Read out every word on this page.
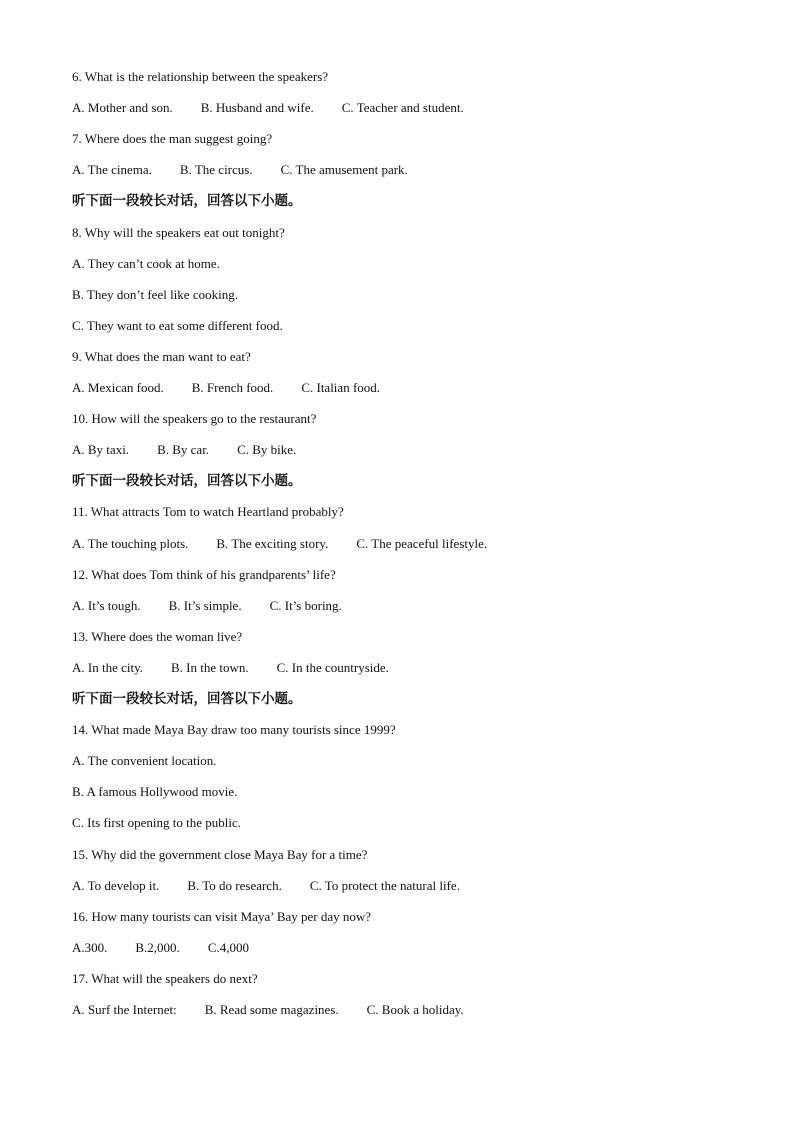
6. What is the relationship between the speakers?
A. Mother and son. B. Husband and wife. C. Teacher and student.
7. Where does the man suggest going?
A. The cinema. B. The circus. C. The amusement park.
听下面一段较长对话，回答以下小题。
8. Why will the speakers eat out tonight?
A. They can’t cook at home.
B. They don’t feel like cooking.
C. They want to eat some different food.
9. What does the man want to eat?
A. Mexican food. B. French food. C. Italian food.
10. How will the speakers go to the restaurant?
A. By taxi. B. By car. C. By bike.
听下面一段较长对话，回答以下小题。
11. What attracts Tom to watch Heartland probably?
A. The touching plots. B. The exciting story. C. The peaceful lifestyle.
12. What does Tom think of his grandparents’ life?
A. It’s tough. B. It’s simple. C. It’s boring.
13. Where does the woman live?
A. In the city. B. In the town. C. In the countryside.
听下面一段较长对话，回答以下小题。
14. What made Maya Bay draw too many tourists since 1999?
A. The convenient location.
B. A famous Hollywood movie.
C. Its first opening to the public.
15. Why did the government close Maya Bay for a time?
A. To develop it. B. To do research. C. To protect the natural life.
16. How many tourists can visit Maya’ Bay per day now?
A.300. B.2,000. C.4,000
17. What will the speakers do next?
A. Surf the Internet: B. Read some magazines. C. Book a holiday.
